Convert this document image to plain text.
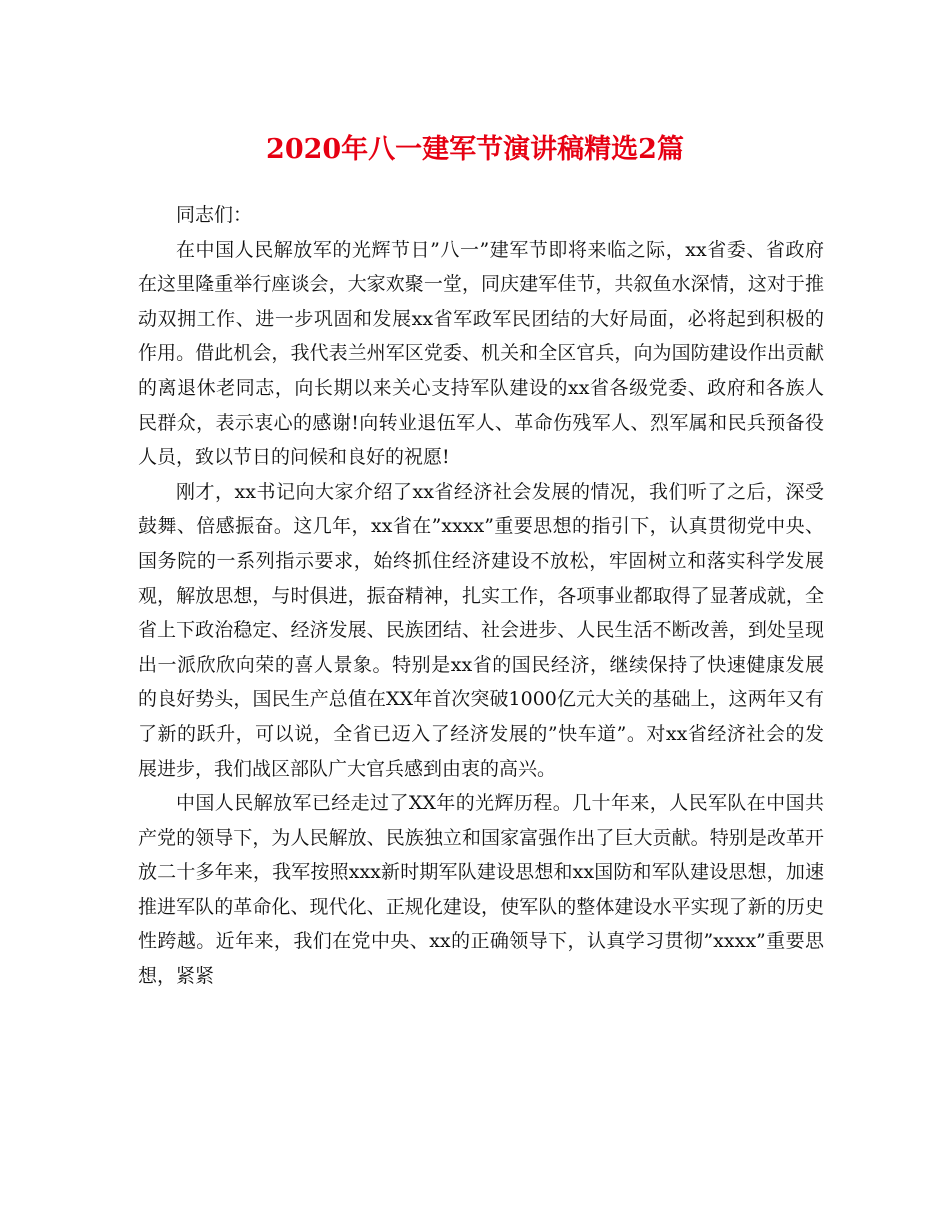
2020年八一建军节演讲稿精选2篇

同志们：

在中国人民解放军的光辉节日”八一”建军节即将来临之际，xx省委、省政府在这里隆重举行座谈会，大家欢聚一堂，同庆建军佳节，共叙鱼水深情，这对于推动双拥工作、进一步巩固和发展xx省军政军民团结的大好局面，必将起到积极的作用。借此机会，我代表兰州军区党委、机关和全区官兵，向为国防建设作出贡献的离退休老同志，向长期以来关心支持军队建设的xx省各级党委、政府和各族人民群众，表示衷心的感谢!向转业退伍军人、革命伤残军人、烈军属和民兵预备役人员，致以节日的问候和良好的祝愿!

刚才，xx书记向大家介绍了xx省经济社会发展的情况，我们听了之后，深受鼓舞、倍感振奋。这几年，xx省在”xxxx”重要思想的指引下，认真贯彻党中央、国务院的一系列指示要求，始终抓住经济建设不放松，牢固树立和落实科学发展观，解放思想，与时俱进，振奋精神，扎实工作，各项事业都取得了显著成就，全省上下政治稳定、经济发展、民族团结、社会进步、人民生活不断改善，到处呈现出一派欣欣向荣的喜人景象。特别是xx省的国民经济，继续保持了快速健康发展的良好势头，国民生产总值在XX年首次突破1000亿元大关的基础上，这两年又有了新的跃升，可以说，全省已迈入了经济发展的”快车道”。对xx省经济社会的发展进步，我们战区部队广大官兵感到由衷的高兴。

中国人民解放军已经走过了XX年的光辉历程。几十年来，人民军队在中国共产党的领导下，为人民解放、民族独立和国家富强作出了巨大贡献。特别是改革开放二十多年来，我军按照xxx新时期军队建设思想和xx国防和军队建设思想，加速推进军队的革命化、现代化、正规化建设，使军队的整体建设水平实现了新的历史性跨越。近年来，我们在党中央、xx的正确领导下，认真学习贯彻”xxxx”重要思想，紧紧
